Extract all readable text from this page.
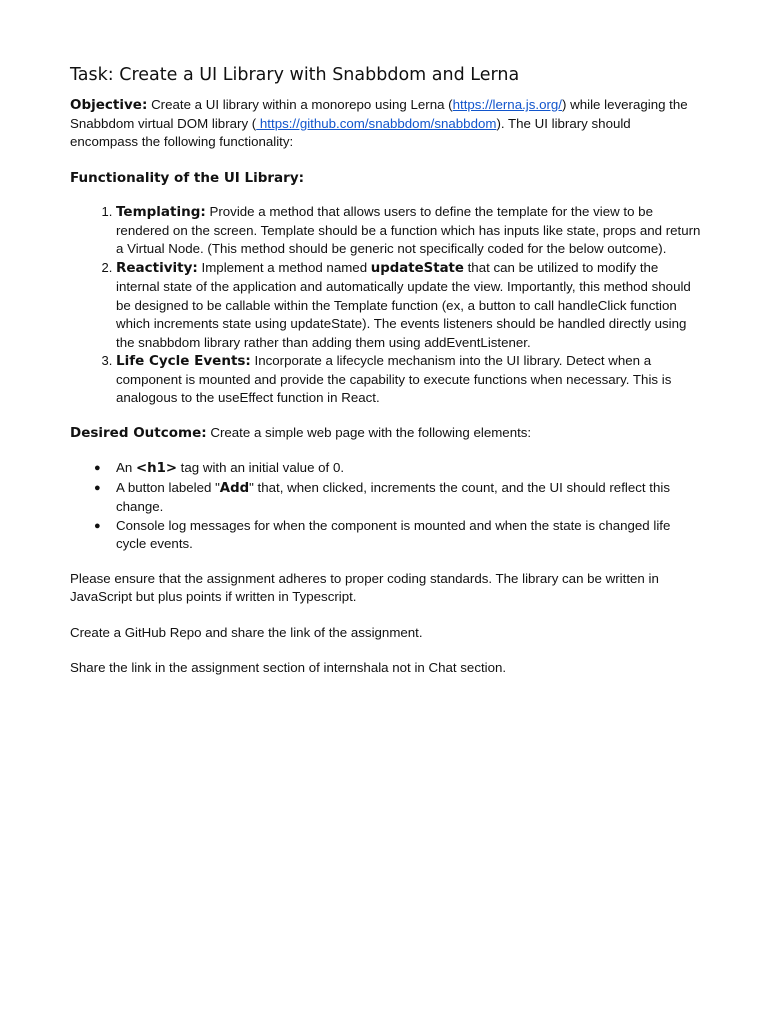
Task: Create a UI Library with Snabbdom and Lerna

Objective: Create a UI library within a monorepo using Lerna (https://lerna.js.org/) while leveraging the Snabbdom virtual DOM library ( https://github.com/snabbdom/snabbdom). The UI library should encompass the following functionality:

Functionality of the UI Library:
1. Templating: Provide a method that allows users to define the template for the view to be rendered on the screen. Template should be a function which has inputs like state, props and return a Virtual Node. (This method should be generic not specifically coded for the below outcome).
2. Reactivity: Implement a method named updateState that can be utilized to modify the internal state of the application and automatically update the view. Importantly, this method should be designed to be callable within the Template function (ex, a button to call handleClick function which increments state using updateState). The events listeners should be handled directly using the snabbdom library rather than adding them using addEventListener.
3. Life Cycle Events: Incorporate a lifecycle mechanism into the UI library. Detect when a component is mounted and provide the capability to execute functions when necessary. This is analogous to the useEffect function in React.

Desired Outcome: Create a simple web page with the following elements:

● An <h1> tag with an initial value of 0.
● A button labeled "Add" that, when clicked, increments the count, and the UI should reflect this change.
● Console log messages for when the component is mounted and when the state is changed life cycle events.

Please ensure that the assignment adheres to proper coding standards. The library can be written in JavaScript but plus points if written in Typescript.

Create a GitHub Repo and share the link of the assignment.

Share the link in the assignment section of internshala not in Chat section.
